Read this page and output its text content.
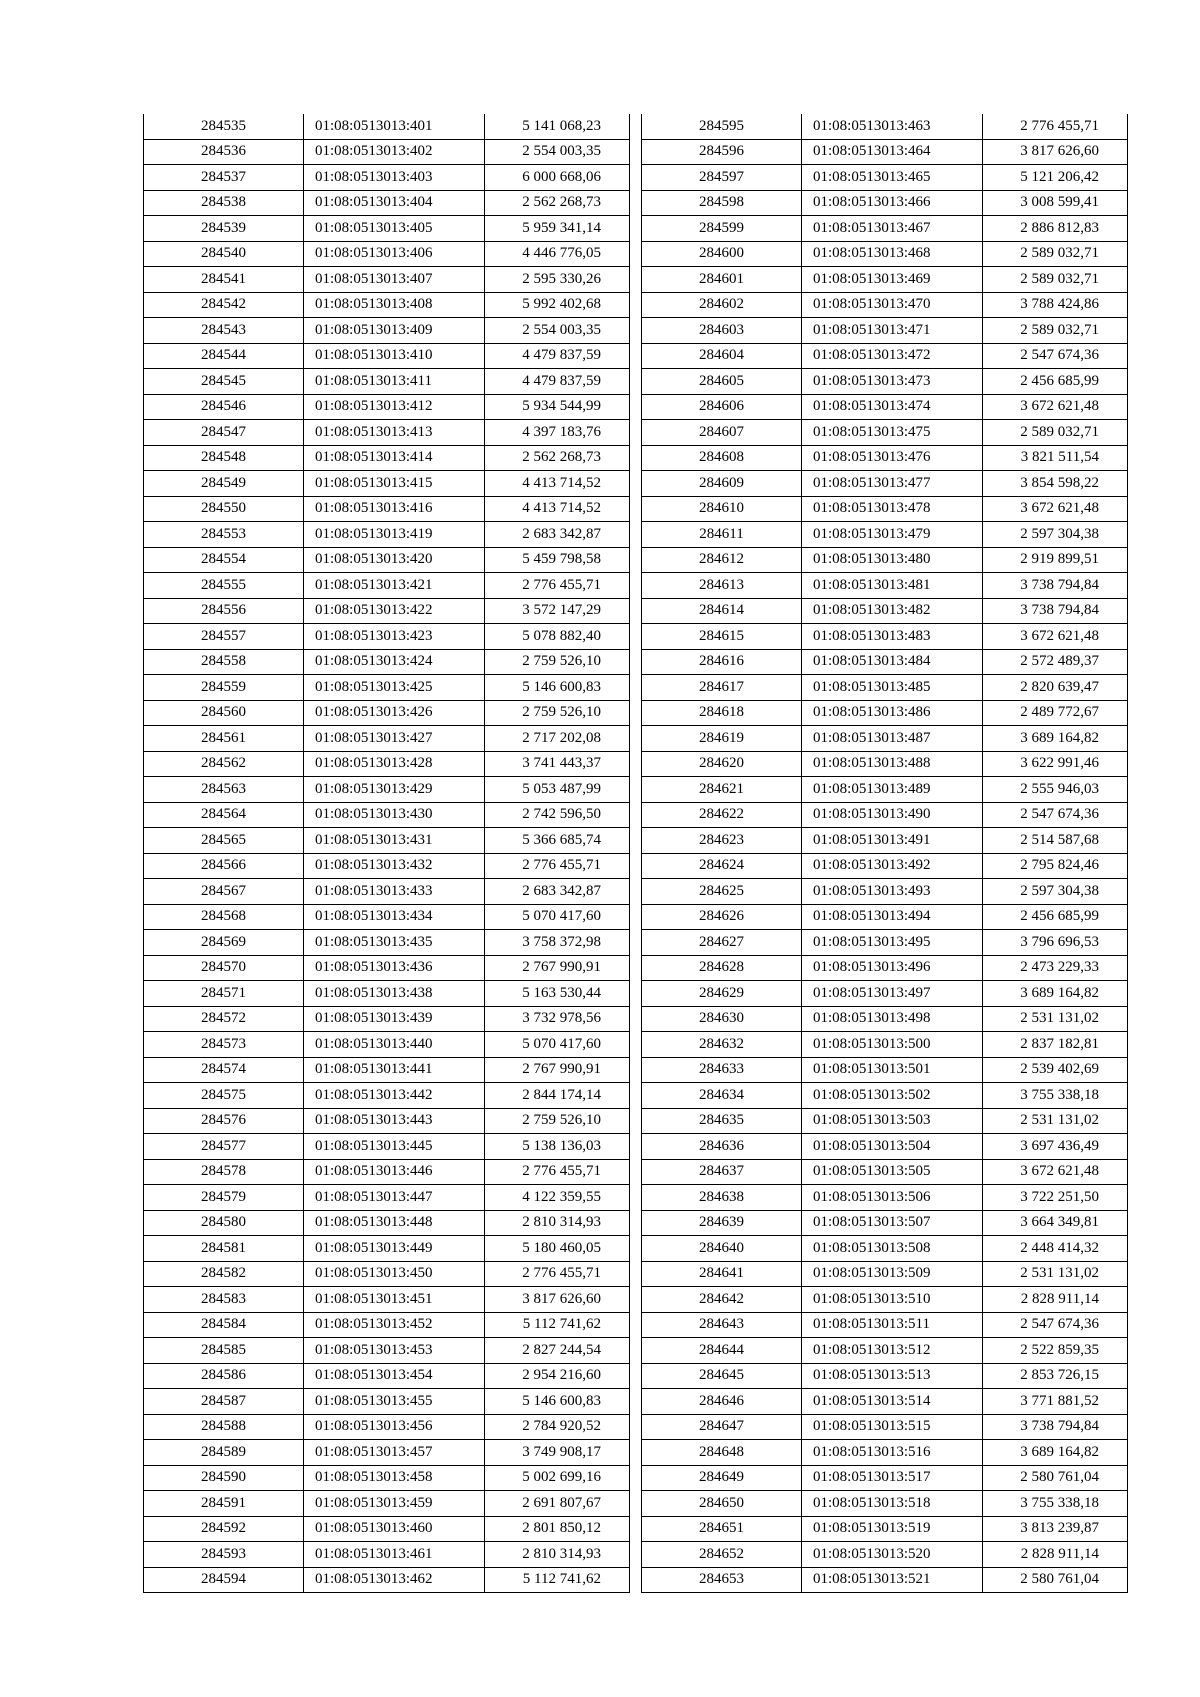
284535	01:08:0513013:401	5 141 068,23
284536	01:08:0513013:402	2 554 003,35
284537	01:08:0513013:403	6 000 668,06
284538	01:08:0513013:404	2 562 268,73
284539	01:08:0513013:405	5 959 341,14
284540	01:08:0513013:406	4 446 776,05
284541	01:08:0513013:407	2 595 330,26
284542	01:08:0513013:408	5 992 402,68
284543	01:08:0513013:409	2 554 003,35
284544	01:08:0513013:410	4 479 837,59
284545	01:08:0513013:411	4 479 837,59
284546	01:08:0513013:412	5 934 544,99
284547	01:08:0513013:413	4 397 183,76
284548	01:08:0513013:414	2 562 268,73
284549	01:08:0513013:415	4 413 714,52
284550	01:08:0513013:416	4 413 714,52
284553	01:08:0513013:419	2 683 342,87
284554	01:08:0513013:420	5 459 798,58
284555	01:08:0513013:421	2 776 455,71
284556	01:08:0513013:422	3 572 147,29
284557	01:08:0513013:423	5 078 882,40
284558	01:08:0513013:424	2 759 526,10
284559	01:08:0513013:425	5 146 600,83
284560	01:08:0513013:426	2 759 526,10
284561	01:08:0513013:427	2 717 202,08
284562	01:08:0513013:428	3 741 443,37
284563	01:08:0513013:429	5 053 487,99
284564	01:08:0513013:430	2 742 596,50
284565	01:08:0513013:431	5 366 685,74
284566	01:08:0513013:432	2 776 455,71
284567	01:08:0513013:433	2 683 342,87
284568	01:08:0513013:434	5 070 417,60
284569	01:08:0513013:435	3 758 372,98
284570	01:08:0513013:436	2 767 990,91
284571	01:08:0513013:438	5 163 530,44
284572	01:08:0513013:439	3 732 978,56
284573	01:08:0513013:440	5 070 417,60
284574	01:08:0513013:441	2 767 990,91
284575	01:08:0513013:442	2 844 174,14
284576	01:08:0513013:443	2 759 526,10
284577	01:08:0513013:445	5 138 136,03
284578	01:08:0513013:446	2 776 455,71
284579	01:08:0513013:447	4 122 359,55
284580	01:08:0513013:448	2 810 314,93
284581	01:08:0513013:449	5 180 460,05
284582	01:08:0513013:450	2 776 455,71
284583	01:08:0513013:451	3 817 626,60
284584	01:08:0513013:452	5 112 741,62
284585	01:08:0513013:453	2 827 244,54
284586	01:08:0513013:454	2 954 216,60
284587	01:08:0513013:455	5 146 600,83
284588	01:08:0513013:456	2 784 920,52
284589	01:08:0513013:457	3 749 908,17
284590	01:08:0513013:458	5 002 699,16
284591	01:08:0513013:459	2 691 807,67
284592	01:08:0513013:460	2 801 850,12
284593	01:08:0513013:461	2 810 314,93
284594	01:08:0513013:462	5 112 741,62
284595	01:08:0513013:463	2 776 455,71
284596	01:08:0513013:464	3 817 626,60
284597	01:08:0513013:465	5 121 206,42
284598	01:08:0513013:466	3 008 599,41
284599	01:08:0513013:467	2 886 812,83
284600	01:08:0513013:468	2 589 032,71
284601	01:08:0513013:469	2 589 032,71
284602	01:08:0513013:470	3 788 424,86
284603	01:08:0513013:471	2 589 032,71
284604	01:08:0513013:472	2 547 674,36
284605	01:08:0513013:473	2 456 685,99
284606	01:08:0513013:474	3 672 621,48
284607	01:08:0513013:475	2 589 032,71
284608	01:08:0513013:476	3 821 511,54
284609	01:08:0513013:477	3 854 598,22
284610	01:08:0513013:478	3 672 621,48
284611	01:08:0513013:479	2 597 304,38
284612	01:08:0513013:480	2 919 899,51
284613	01:08:0513013:481	3 738 794,84
284614	01:08:0513013:482	3 738 794,84
284615	01:08:0513013:483	3 672 621,48
284616	01:08:0513013:484	2 572 489,37
284617	01:08:0513013:485	2 820 639,47
284618	01:08:0513013:486	2 489 772,67
284619	01:08:0513013:487	3 689 164,82
284620	01:08:0513013:488	3 622 991,46
284621	01:08:0513013:489	2 555 946,03
284622	01:08:0513013:490	2 547 674,36
284623	01:08:0513013:491	2 514 587,68
284624	01:08:0513013:492	2 795 824,46
284625	01:08:0513013:493	2 597 304,38
284626	01:08:0513013:494	2 456 685,99
284627	01:08:0513013:495	3 796 696,53
284628	01:08:0513013:496	2 473 229,33
284629	01:08:0513013:497	3 689 164,82
284630	01:08:0513013:498	2 531 131,02
284632	01:08:0513013:500	2 837 182,81
284633	01:08:0513013:501	2 539 402,69
284634	01:08:0513013:502	3 755 338,18
284635	01:08:0513013:503	2 531 131,02
284636	01:08:0513013:504	3 697 436,49
284637	01:08:0513013:505	3 672 621,48
284638	01:08:0513013:506	3 722 251,50
284639	01:08:0513013:507	3 664 349,81
284640	01:08:0513013:508	2 448 414,32
284641	01:08:0513013:509	2 531 131,02
284642	01:08:0513013:510	2 828 911,14
284643	01:08:0513013:511	2 547 674,36
284644	01:08:0513013:512	2 522 859,35
284645	01:08:0513013:513	2 853 726,15
284646	01:08:0513013:514	3 771 881,52
284647	01:08:0513013:515	3 738 794,84
284648	01:08:0513013:516	3 689 164,82
284649	01:08:0513013:517	2 580 761,04
284650	01:08:0513013:518	3 755 338,18
284651	01:08:0513013:519	3 813 239,87
284652	01:08:0513013:520	2 828 911,14
284653	01:08:0513013:521	2 580 761,04
